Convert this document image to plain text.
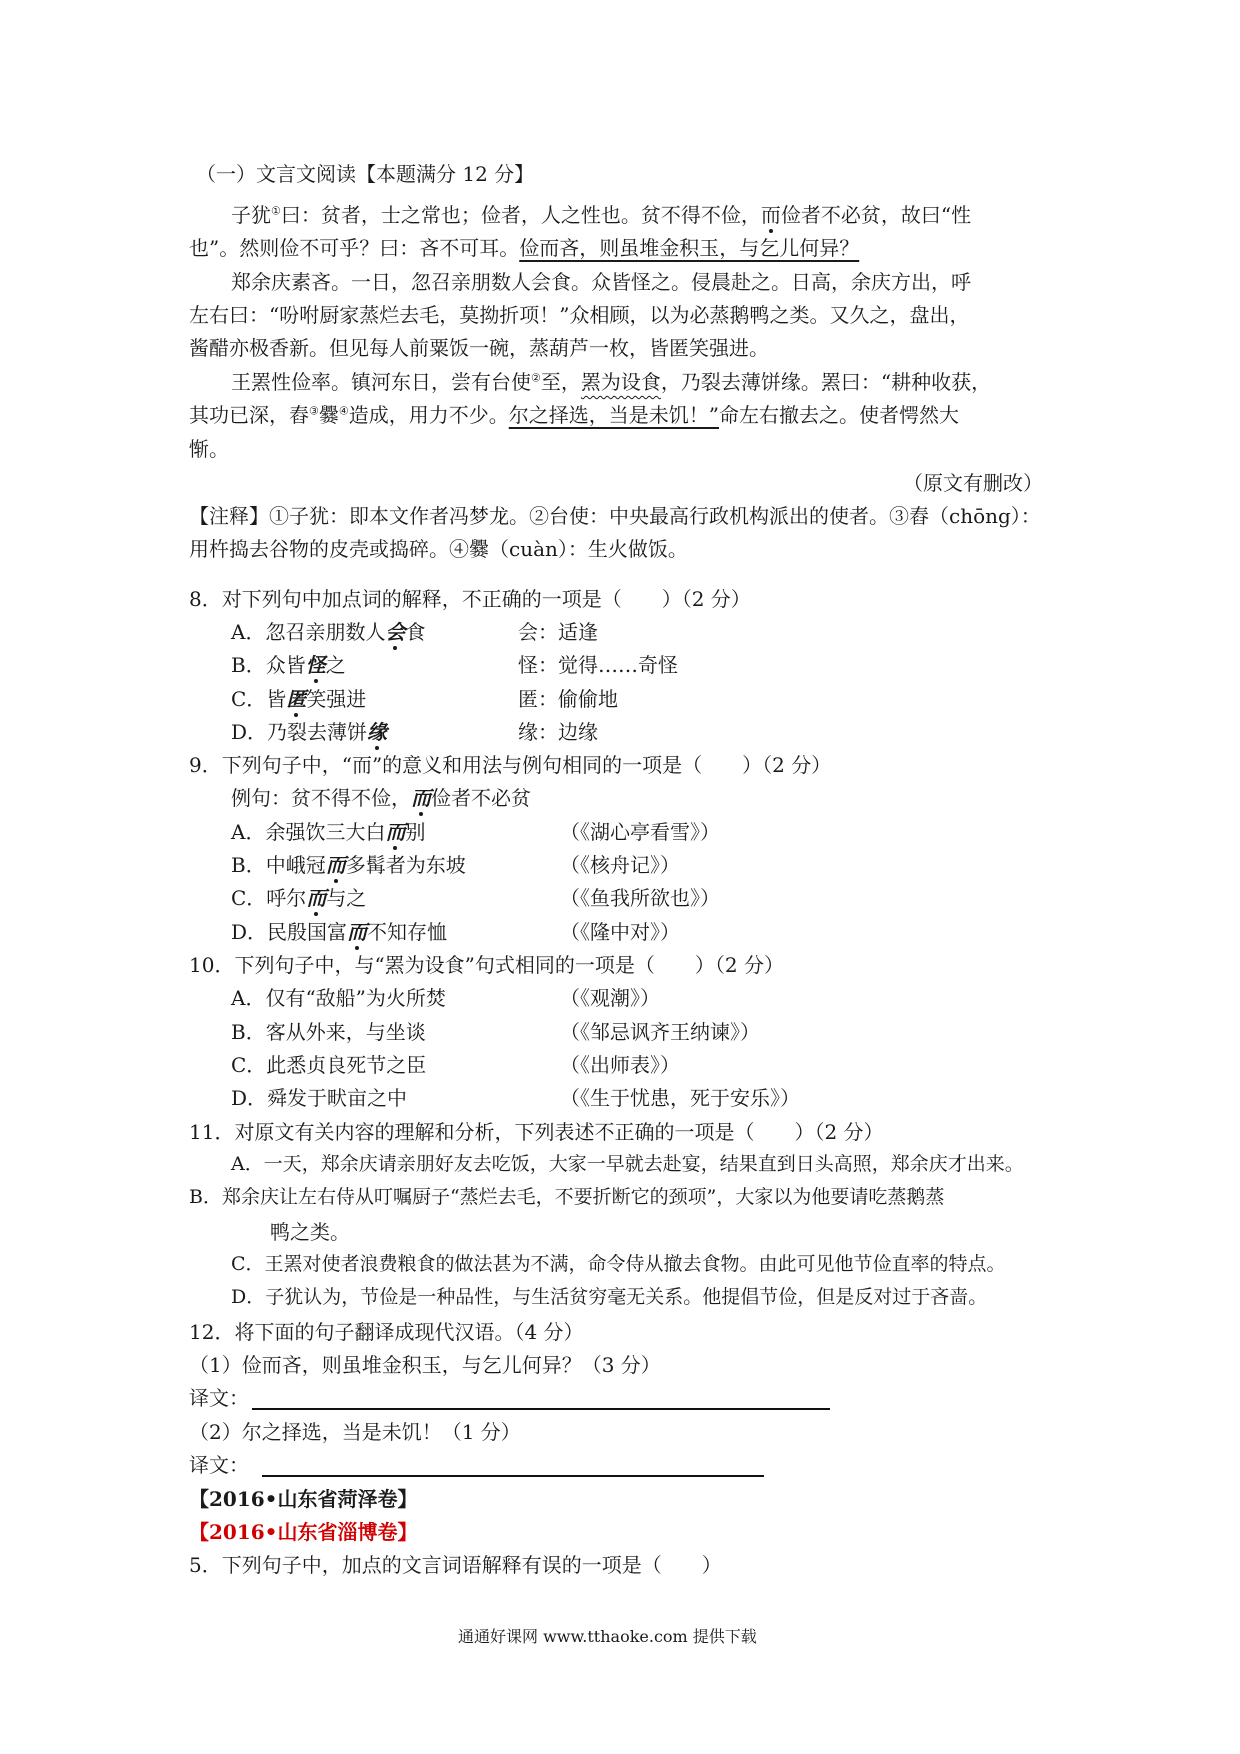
（一）文言文阅读【本题满分 12 分】
子犹①曰：贫者，士之常也；俭者，人之性也。贫不得不俭，而俭者不必贫，故曰“性
也”。然则俭不可乎？曰：吝不可耳。俭而吝，则虽堆金积玉，与乞儿何异？
郑余庆素吝。一日，忽召亲朋数人会食。众皆怪之。侵晨赴之。日高，余庆方出，呼
左右曰：“吩咐厨家蒸烂去毛，莫拗折项！”众相顾，以为必蒸鹅鸭之类。又久之，盘出，
酱醋亦极香新。但见每人前粟饭一碗，蒸葫芦一枚，皆匿笑强进。
王罴性俭率。镇河东日，尝有台使②至，罴为设食，乃裂去薄饼缘。罴曰：“耕种收获，
其功已深，舂③爨④造成，用力不少。尔之择选，当是未饥！”命左右撤去之。使者愕然大
惭。
（原文有删改）
【注释】①子犹：即本文作者冯梦龙。②台使：中央最高行政机构派出的使者。③舂（chōng）：
用杵捣去谷物的皮壳或捣碎。④爨（cuàn）：生火做饭。
8．对下列句中加点词的解释，不正确的一项是（　　）（2 分）
A．忽召亲朋数人会食	会：适逢
B．众皆怪之	怪：觉得……奇怪
C．皆匿笑强进	匿：偷偷地
D．乃裂去薄饼缘	缘：边缘
9．下列句子中，“而”的意义和用法与例句相同的一项是（　　）（2 分）
例句：贫不得不俭，而俭者不必贫
A．余强饮三大白而别	（《湖心亭看雪》）
B．中峨冠而多髯者为东坡	（《核舟记》）
C．呼尔而与之	（《鱼我所欲也》）
D．民殷国富而不知存恤	（《隆中对》）
10．下列句子中，与“罴为设食”句式相同的一项是（　　）（2 分）
A．仅有“敌船”为火所焚	（《观潮》）
B．客从外来，与坐谈	（《邹忌讽齐王纳谏》）
C．此悉贞良死节之臣	（《出师表》）
D．舜发于畎亩之中	（《生于忧患，死于安乐》）
11．对原文有关内容的理解和分析，下列表述不正确的一项是（　　）（2 分）
A．一天，郑余庆请亲朋好友去吃饭，大家一早就去赴宴，结果直到日头高照，郑余庆才出来。
B．郑余庆让左右侍从叮嘱厨子“蒸烂去毛，不要折断它的颈项”，大家以为他要请吃蒸鹅蒸
鸭之类。
C．王罴对使者浪费粮食的做法甚为不满，命令侍从撤去食物。由此可见他节俭直率的特点。
D．子犹认为，节俭是一种品性，与生活贫穷毫无关系。他提倡节俭，但是反对过于吝啬。
12．将下面的句子翻译成现代汉语。（4 分）
（1）俭而吝，则虽堆金积玉，与乞儿何异？（3 分）
译文：
（2）尔之择选，当是未饥！（1 分）
译文：
【2016•山东省菏泽卷】
【2016•山东省淄博卷】
5．下列句子中，加点的文言词语解释有误的一项是（　　）
通通好课网 www.tthaoke.com 提供下载
